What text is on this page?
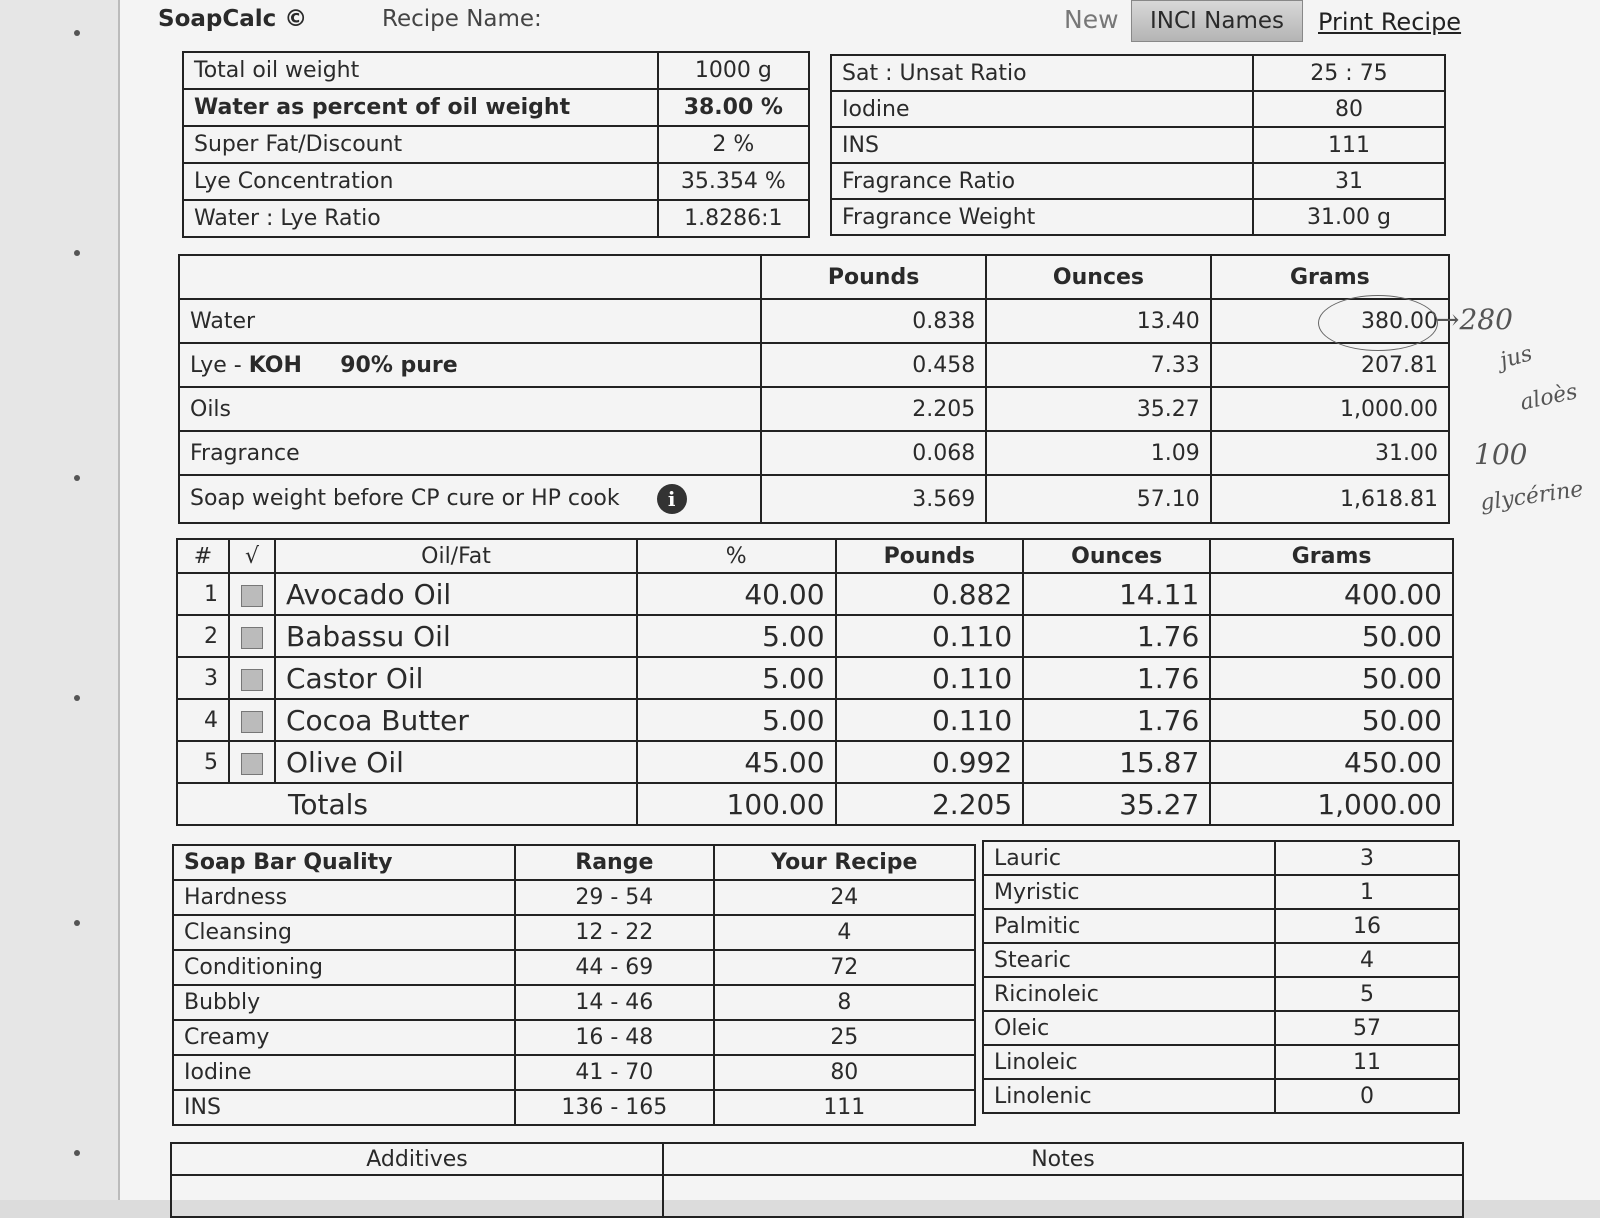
SoapCalc ©	Recipe Name:	New	INCI Names	Print Recipe
Total oil weight	1000 g
Water as percent of oil weight	38.00 %
Super Fat/Discount	2 %
Lye Concentration	35.354 %
Water : Lye Ratio	1.8286:1
Sat : Unsat Ratio	25 : 75
Iodine	80
INS	111
Fragrance Ratio	31
Fragrance Weight	31.00 g
	Pounds	Ounces	Grams
Water	0.838	13.40	380.00
Lye - KOH     90% pure	0.458	7.33	207.81
Oils	2.205	35.27	1,000.00
Fragrance	0.068	1.09	31.00
Soap weight before CP cure or HP cook i	3.569	57.10	1,618.81
#	√	Oil/Fat	%	Pounds	Ounces	Grams
1		Avocado Oil	40.00	0.882	14.11	400.00
2		Babassu Oil	5.00	0.110	1.76	50.00
3		Castor Oil	5.00	0.110	1.76	50.00
4		Cocoa Butter	5.00	0.110	1.76	50.00
5		Olive Oil	45.00	0.992	15.87	450.00
Totals			100.00	2.205	35.27	1,000.00
Soap Bar Quality	Range	Your Recipe
Hardness	29 - 54	24
Cleansing	12 - 22	4
Conditioning	44 - 69	72
Bubbly	14 - 46	8
Creamy	16 - 48	25
Iodine	41 - 70	80
INS	136 - 165	111
Lauric	3
Myristic	1
Palmitic	16
Stearic	4
Ricinoleic	5
Oleic	57
Linoleic	11
Linolenic	0
Additives	Notes

→280
jus
aloès
100
glycérine
